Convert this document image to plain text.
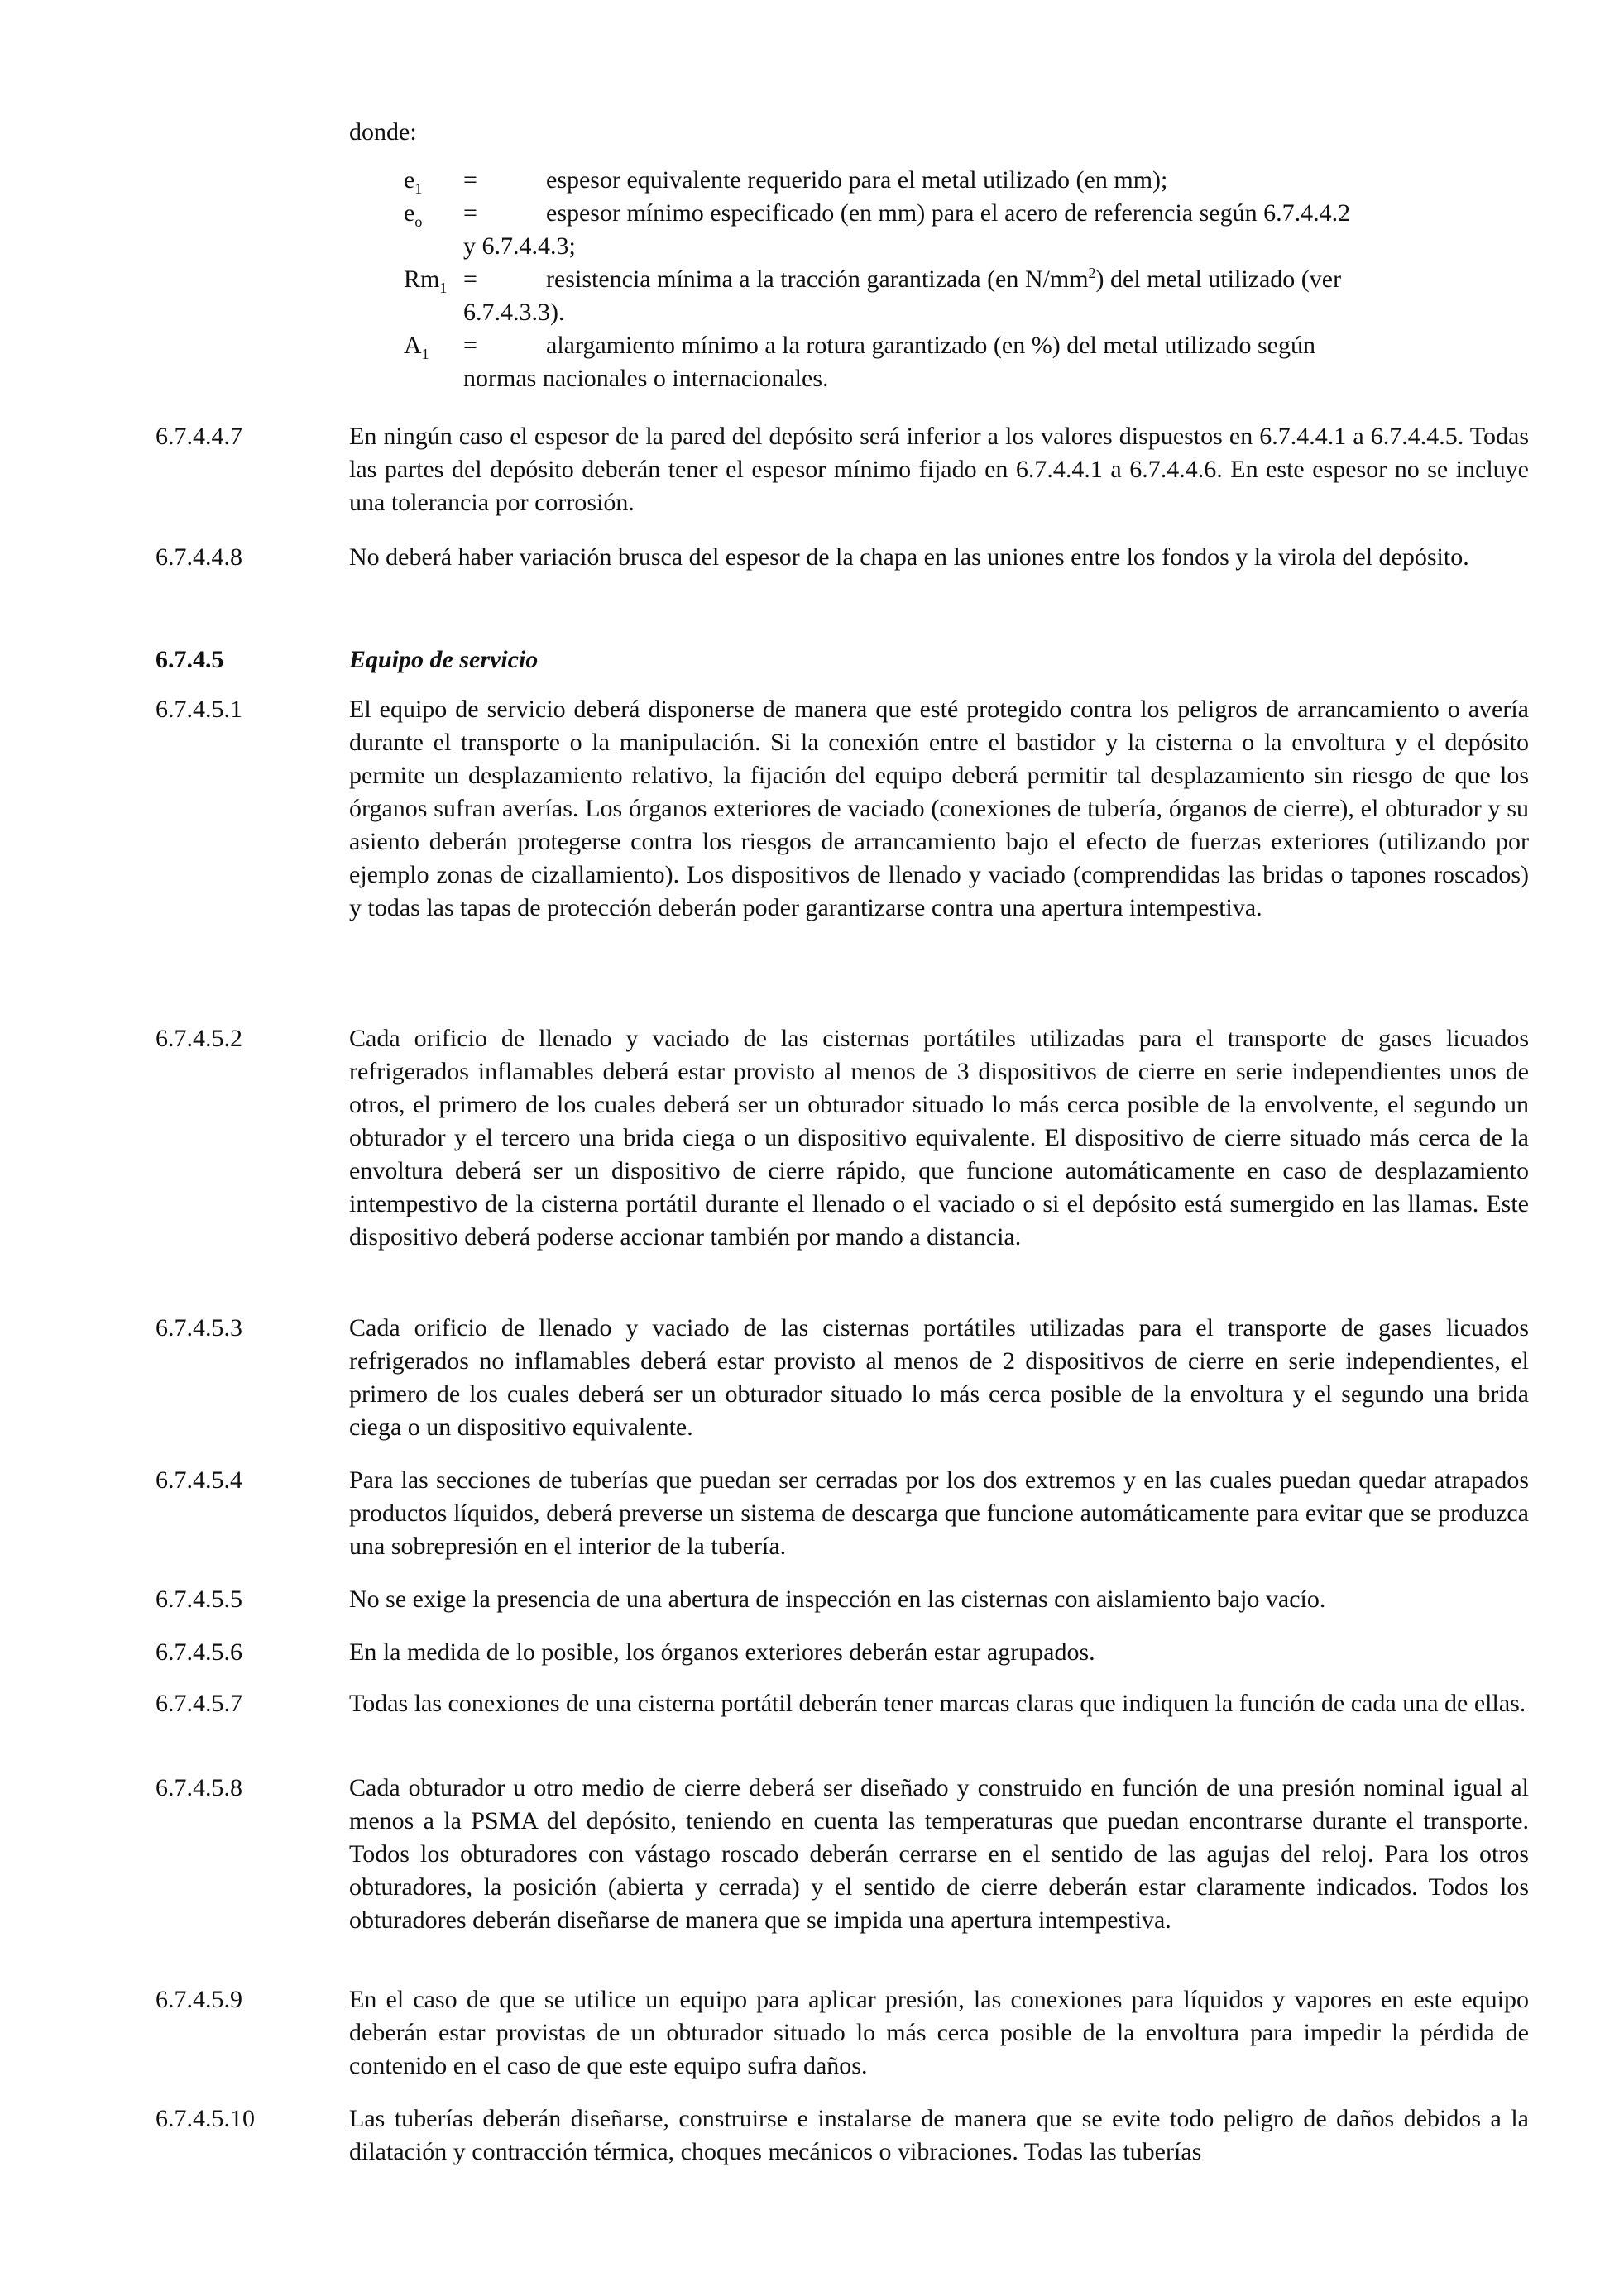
donde:
$e_1$	=	espesor equivalente requerido para el metal utilizado (en mm);
$e_o$	=	espesor mínimo especificado (en mm) para el acero de referencia según 6.7.4.4.2
y 6.7.4.4.3;
$Rm_1$ =	resistencia mínima a la tracción garantizada (en $N/mm^2$) del metal utilizado (ver
6.7.4.3.3).
$A_1$	=	alargamiento mínimo a la rotura garantizado (en %) del metal utilizado según
normas nacionales o internacionales.
6.7.4.4.7	En ningún caso el espesor de la pared del depósito será inferior a los valores dispuestos en 6.7.4.4.1 a 6.7.4.4.5. Todas las partes del depósito deberán tener el espesor mínimo fijado en 6.7.4.4.1 a 6.7.4.4.6. En este espesor no se incluye una tolerancia por corrosión.
6.7.4.4.8	No deberá haber variación brusca del espesor de la chapa en las uniones entre los fondos y la virola del depósito.
6.7.4.5	Equipo de servicio
6.7.4.5.1	El equipo de servicio deberá disponerse de manera que esté protegido contra los peligros de arrancamiento o avería durante el transporte o la manipulación. Si la conexión entre el bastidor y la cisterna o la envoltura y el depósito permite un desplazamiento relativo, la fijación del equipo deberá permitir tal desplazamiento sin riesgo de que los órganos sufran averías. Los órganos exteriores de vaciado (conexiones de tubería, órganos de cierre), el obturador y su asiento deberán protegerse contra los riesgos de arrancamiento bajo el efecto de fuerzas exteriores (utilizando por ejemplo zonas de cizallamiento). Los dispositivos de llenado y vaciado (comprendidas las bridas o tapones roscados) y todas las tapas de protección deberán poder garantizarse contra una apertura intempestiva.
6.7.4.5.2	Cada orificio de llenado y vaciado de las cisternas portátiles utilizadas para el transporte de gases licuados refrigerados inflamables deberá estar provisto al menos de 3 dispositivos de cierre en serie independientes unos de otros, el primero de los cuales deberá ser un obturador situado lo más cerca posible de la envolvente, el segundo un obturador y el tercero una brida ciega o un dispositivo equivalente. El dispositivo de cierre situado más cerca de la envoltura deberá ser un dispositivo de cierre rápido, que funcione automáticamente en caso de desplazamiento intempestivo de la cisterna portátil durante el llenado o el vaciado o si el depósito está sumergido en las llamas. Este dispositivo deberá poderse accionar también por mando a distancia.
6.7.4.5.3	Cada orificio de llenado y vaciado de las cisternas portátiles utilizadas para el transporte de gases licuados refrigerados no inflamables deberá estar provisto al menos de 2 dispositivos de cierre en serie independientes, el primero de los cuales deberá ser un obturador situado lo más cerca posible de la envoltura y el segundo una brida ciega o un dispositivo equivalente.
6.7.4.5.4	Para las secciones de tuberías que puedan ser cerradas por los dos extremos y en las cuales puedan quedar atrapados productos líquidos, deberá preverse un sistema de descarga que funcione automáticamente para evitar que se produzca una sobrepresión en el interior de la tubería.
6.7.4.5.5	No se exige la presencia de una abertura de inspección en las cisternas con aislamiento bajo vacío.
6.7.4.5.6	En la medida de lo posible, los órganos exteriores deberán estar agrupados.
6.7.4.5.7	Todas las conexiones de una cisterna portátil deberán tener marcas claras que indiquen la función de cada una de ellas.
6.7.4.5.8	Cada obturador u otro medio de cierre deberá ser diseñado y construido en función de una presión nominal igual al menos a la PSMA del depósito, teniendo en cuenta las temperaturas que puedan encontrarse durante el transporte. Todos los obturadores con vástago roscado deberán cerrarse en el sentido de las agujas del reloj. Para los otros obturadores, la posición (abierta y cerrada) y el sentido de cierre deberán estar claramente indicados. Todos los obturadores deberán diseñarse de manera que se impida una apertura intempestiva.
6.7.4.5.9	En el caso de que se utilice un equipo para aplicar presión, las conexiones para líquidos y vapores en este equipo deberán estar provistas de un obturador situado lo más cerca posible de la envoltura para impedir la pérdida de contenido en el caso de que este equipo sufra daños.
6.7.4.5.10	Las tuberías deberán diseñarse, construirse e instalarse de manera que se evite todo peligro de daños debidos a la dilatación y contracción térmica, choques mecánicos o vibraciones. Todas las tuberías
